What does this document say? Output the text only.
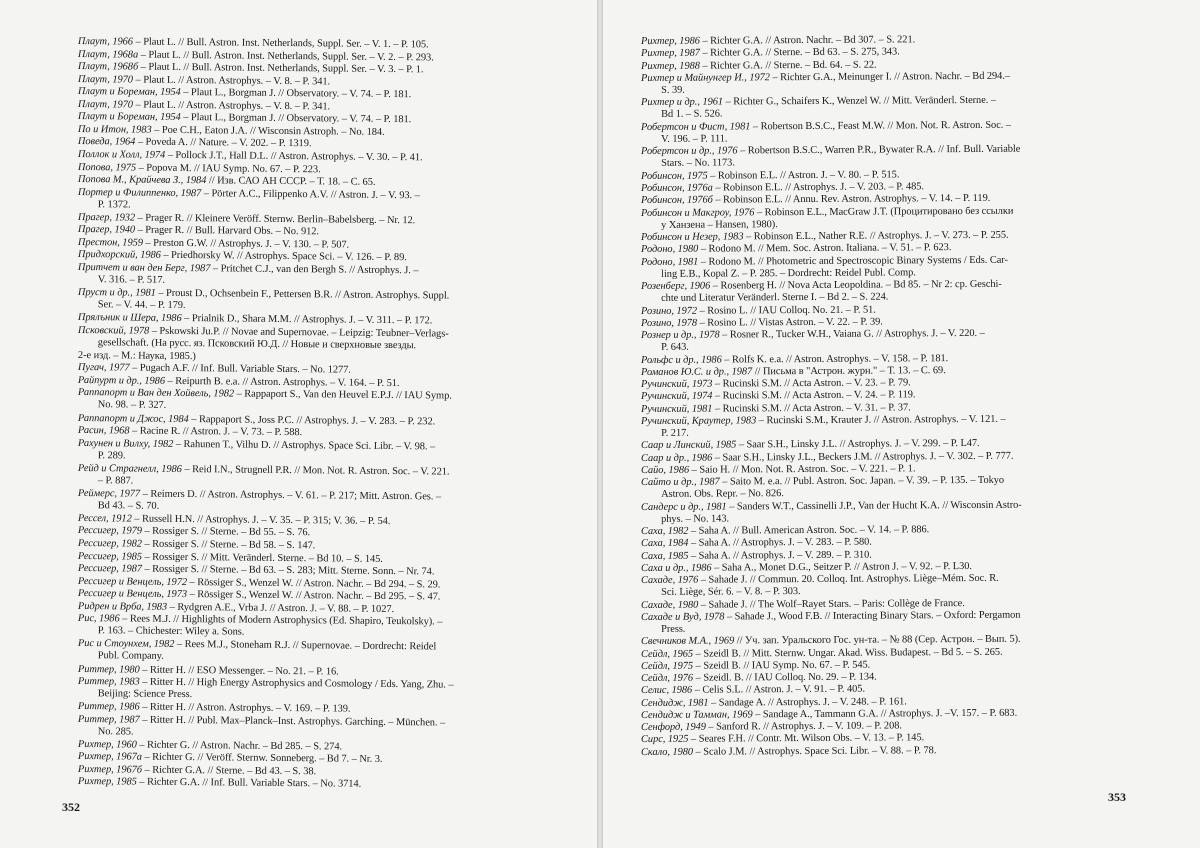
Плаут, 1966 – Plaut L. // Bull. Astron. Inst. Netherlands, Suppl. Ser. – V. 1. – P. 105.
Плаут, 1968а – Plaut L. // Bull. Astron. Inst. Netherlands, Suppl. Ser. – V. 2. – P. 293.
Плаут, 1968б – Plaut L. // Bull. Astron. Inst. Netherlands, Suppl. Ser. – V. 3. – P. 1.
Плаут, 1970 – Plaut L. // Astron. Astrophys. – V. 8. – P. 341.
Плаут и Борeман, 1954 – Plaut L., Borgman J. // Observatory. – V. 74. – P. 181.
Плаут, 1970 – Plaut L. // Astron. Astrophys. – V. 8. – P. 341.
Плаут и Борeман, 1954 – Plaut L., Borgman J. // Observatory. – V. 74. – P. 181.
По и Итон, 1983 – Poe C.H., Eaton J.A. // Wisconsin Astroph. – No. 184.
Поведа, 1964 – Poveda A. // Nature. – V. 202. – P. 1319.
Поллок и Холл, 1974 – Pollock J.T., Hall D.L. // Astron. Astrophys. – V. 30. – P. 41.
Попова, 1975 – Popova M. // IAU Symp. No. 67. – P. 223.
Попова М., Крайчева З., 1984 // Изв. САО АН СССР. – Т. 18. – С. 65.
Портер и Филиппенко, 1987 – Pörter A.C., Filippenko A.V. // Astron. J. – V. 93. –
P. 1372.
Прагер, 1932 – Prager R. // Kleinere Veröff. Sternw. Berlin–Babelsberg. – Nr. 12.
Прагер, 1940 – Prager R. // Bull. Harvard Obs. – No. 912.
Престон, 1959 – Preston G.W. // Astrophys. J. – V. 130. – P. 507.
Придхорский, 1986 – Priedhorsky W. // Astrophys. Space Sci. – V. 126. – P. 89.
Притчет и ван ден Берг, 1987 – Pritchet C.J., van den Bergh S. // Astrophys. J. –
V. 316. – P. 517.
Пруст и др., 1981 – Proust D., Ochsenbein F., Pettersen B.R. // Astron. Astrophys. Suppl.
Ser. – V. 44. – P. 179.
Прялъник и Шера, 1986 – Prialnik D., Shara M.M. // Astrophys. J. – V. 311. – P. 172.
Псковский, 1978 – Pskowski Ju.P. // Novae and Supernovae. – Leipzig: Teubner–Verlags-
gesellschaft. (На русс. яз. Псковский Ю.Д. // Новые и сверхновые звезды.
2-е изд. – М.: Наука, 1985.)
Пугач, 1977 – Pugach A.F. // Inf. Bull. Variable Stars. – No. 1277.
Райпурт и др., 1986 – Reipurth B. e.a. // Astron. Astrophys. – V. 164. – P. 51.
Раппапорт и Ван ден Хойвель, 1982 – Rappaport S., Van den Heuvel E.P.J. // IAU Symp.
No. 98. – P. 327.
Раппапорт и Джос, 1984 – Rappaport S., Joss P.C. // Astrophys. J. – V. 283. – P. 232.
Расин, 1968 – Racine R. // Astron. J. – V. 73. – P. 588.
Рахунен и Вилху, 1982 – Rahunen T., Vilhu D. // Astrophys. Space Sci. Libr. – V. 98. –
P. 289.
Рейд и Стрaгнелл, 1986 – Reid I.N., Strugnell P.R. // Mon. Not. R. Astron. Soc. – V. 221.
– P. 887.
Реймерс, 1977 – Reimers D. // Astron. Astrophys. – V. 61. – P. 217; Mitt. Astron. Ges. –
Bd 43. – S. 70.
Рессел, 1912 – Russell H.N. // Astrophys. J. – V. 35. – P. 315; V. 36. – P. 54.
Рессигер, 1979 – Rossiger S. // Sterne. – Bd 55. – S. 76.
Рессигер, 1982 – Rossiger S. // Sterne. – Bd 58. – S. 147.
Рессигер, 1985 – Rossiger S. // Mitt. Veränderl. Sterne. – Bd 10. – S. 145.
Рессигер, 1987 – Rossiger S. // Sterne. – Bd 63. – S. 283; Mitt. Sterne. Sonn. – Nr. 74.
Рессигер и Венцель, 1972 – Rössiger S., Wenzel W. // Astron. Nachr. – Bd 294. – S. 29.
Рессигер и Венцель, 1973 – Rössiger S., Wenzel W. // Astron. Nachr. – Bd 295. – S. 47.
Ридрен и Врба, 1983 – Rydgren A.E., Vrba J. // Astron. J. – V. 88. – P. 1027.
Рис, 1986 – Rees M.J. // Highlights of Modern Astrophysics (Ed. Shapiro, Teukolsky). –
P. 163. – Chichester: Wiley a. Sons.
Рис и Стоунхем, 1982 – Rees M.J., Stoneham R.J. // Supernovae. – Dordrecht: Reidel
Publ. Company.
Риттер, 1980 – Ritter H. // ESO Messenger. – No. 21. – P. 16.
Риттер, 1983 – Ritter H. // High Energy Astrophysics and Cosmology / Eds. Yang, Zhu. –
Beijing: Science Press.
Риттер, 1986 – Ritter H. // Astron. Astrophys. – V. 169. – P. 139.
Риттер, 1987 – Ritter H. // Publ. Max–Planck–Inst. Astrophys. Garching. – München. –
No. 285.
Рихтер, 1960 – Richter G. // Astron. Nachr. – Bd 285. – S. 274.
Рихтер, 1967а – Richter G. // Veröff. Sternw. Sonneberg. – Bd 7. – Nr. 3.
Рихтер, 1967б – Richter G.A. // Sterne. – Bd 43. – S. 38.
Рихтер, 1985 – Richter G.A. // Inf. Bull. Variable Stars. – No. 3714.
352
Рихтер, 1986 – Richter G.A. // Astron. Nachr. – Bd 307. – S. 221.
Рихтер, 1987 – Richter G.A. // Sterne. – Bd 63. – S. 275, 343.
Рихтер, 1988 – Richter G.A. // Sterne. – Bd. 64. – S. 22.
Рихтер и Майнунгер И., 1972 – Richter G.A., Meinunger I. // Astron. Nachr. – Bd 294.–
S. 39.
Рихтер и др., 1961 – Richter G., Schaifers K., Wenzel W. // Mitt. Veränderl. Sterne. –
Bd 1. – S. 526.
Робертсон и Фист, 1981 – Robertson B.S.C., Feast M.W. // Mon. Not. R. Astron. Soc. –
V. 196. – P. 111.
Робертсон и др., 1976 – Robertson B.S.C., Warren P.R., Bywater R.A. // Inf. Bull. Variable
Stars. – No. 1173.
Робинсон, 1975 – Robinson E.L. // Astron. J. – V. 80. – P. 515.
Робинсон, 1976а – Robinson E.L. // Astrophys. J. – V. 203. – P. 485.
Робинсон, 1976б – Robinson E.L. // Annu. Rev. Astron. Astrophys. – V. 14. – P. 119.
Робинсон и Макгроу, 1976 – Robinson E.L., MacGraw J.T. (Процитировано без ссылки
у Ханзена – Hansen, 1980).
Робинсон и Незер, 1983 – Robinson E.L., Nather R.E. // Astrophys. J. – V. 273. – P. 255.
Родоно, 1980 – Rodono M. // Mem. Soc. Astron. Italiana. – V. 51. – P. 623.
Родоно, 1981 – Rodono M. // Photometric and Spectroscopic Binary Systems / Eds. Car-
ling E.B., Kopal Z. – P. 285. – Dordrecht: Reidel Publ. Comp.
Розенберг, 1906 – Rosenberg H. // Nova Acta Leopoldina. – Bd 85. – Nr 2: cp. Geschi-
chte und Literatur Veränderl. Sterne I. – Bd 2. – S. 224.
Розино, 1972 – Rosino L. // IAU Colloq. No. 21. – P. 51.
Розино, 1978 – Rosino L. // Vistas Astron. – V. 22. – P. 39.
Рознер и др., 1978 – Rosner R., Tucker W.H., Vaiana G. // Astrophys. J. – V. 220. –
P. 643.
Рольфс и др., 1986 – Rolfs K. e.a. // Astron. Astrophys. – V. 158. – P. 181.
Романов Ю.С. и др., 1987 // Письма в "Астрон. журн." – Т. 13. – С. 69.
Ручинский, 1973 – Rucinski S.M. // Acta Astron. – V. 23. – P. 79.
Ручинский, 1974 – Rucinski S.M. // Acta Astron. – V. 24. – P. 119.
Ручинский, 1981 – Rucinski S.M. // Acta Astron. – V. 31. – P. 37.
Ручинский, Краутер, 1983 – Rucinski S.M., Krauter J. // Astron. Astrophys. – V. 121. –
P. 217.
Саар и Линский, 1985 – Saar S.H., Linsky J.L. // Astrophys. J. – V. 299. – P. L47.
Саар и др., 1986 – Saar S.H., Linsky J.L., Beckers J.M. // Astrophys. J. – V. 302. – P. 777.
Сайо, 1986 – Saio H. // Mon. Not. R. Astron. Soc. – V. 221. – P. 1.
Сайто и др., 1987 – Saito M. e.a. // Publ. Astron. Soc. Japan. – V. 39. – P. 135. – Tokyo
Astron. Obs. Repr. – No. 826.
Сандерс и др., 1981 – Sanders W.T., Cassinelli J.P., Van der Hucht K.A. // Wisconsin Astro-
phys. – No. 143.
Саха, 1982 – Saha A. // Bull. American Astron. Soc. – V. 14. – P. 886.
Саха, 1984 – Saha A. // Astrophys. J. – V. 283. – P. 580.
Саха, 1985 – Saha A. // Astrophys. J. – V. 289. – P. 310.
Саха и др., 1986 – Saha A., Monet D.G., Seitzer P. // Astron J. – V. 92. – P. L30.
Сахаде, 1976 – Sahade J. // Commun. 20. Colloq. Int. Astrophys. Liège–Mém. Soc. R.
Sci. Liège, Sér. 6. – V. 8. – P. 303.
Сахаде, 1980 – Sahade J. // The Wolf–Rayet Stars. – Paris: Collège de France.
Сахаде и Вуд, 1978 – Sahade J., Wood F.B. // Interacting Binary Stars. – Oxford: Pergamon
Press.
Свечников М.А., 1969 // Уч. зап. Уральского Гос. ун-та. – № 88 (Сер. Астрон. – Вып. 5).
Сейдл, 1965 – Szeidl B. // Mitt. Sternw. Ungar. Akad. Wiss. Budapest. – Bd 5. – S. 265.
Сейдл, 1975 – Szeidl B. // IAU Symp. No. 67. – P. 545.
Сейдл, 1976 – Szeidl. B. // IAU Colloq. No. 29. – P. 134.
Селис, 1986 – Celis S.L. // Astron. J. – V. 91. – P. 405.
Сендидж, 1981 – Sandage A. // Astrophys. J. – V. 248. – P. 161.
Сендидж и Тамман, 1969 – Sandage A., Tammann G.A. // Astrophys. J. –V. 157. – P. 683.
Сенфорд, 1949 – Sanford R. // Astrophys. J. – V. 109. – P. 208.
Сирс, 1925 – Seares F.H. // Contr. Mt. Wilson Obs. – V. 13. – P. 145.
Скало, 1980 – Scalo J.M. // Astrophys. Space Sci. Libr. – V. 88. – P. 78.
353
